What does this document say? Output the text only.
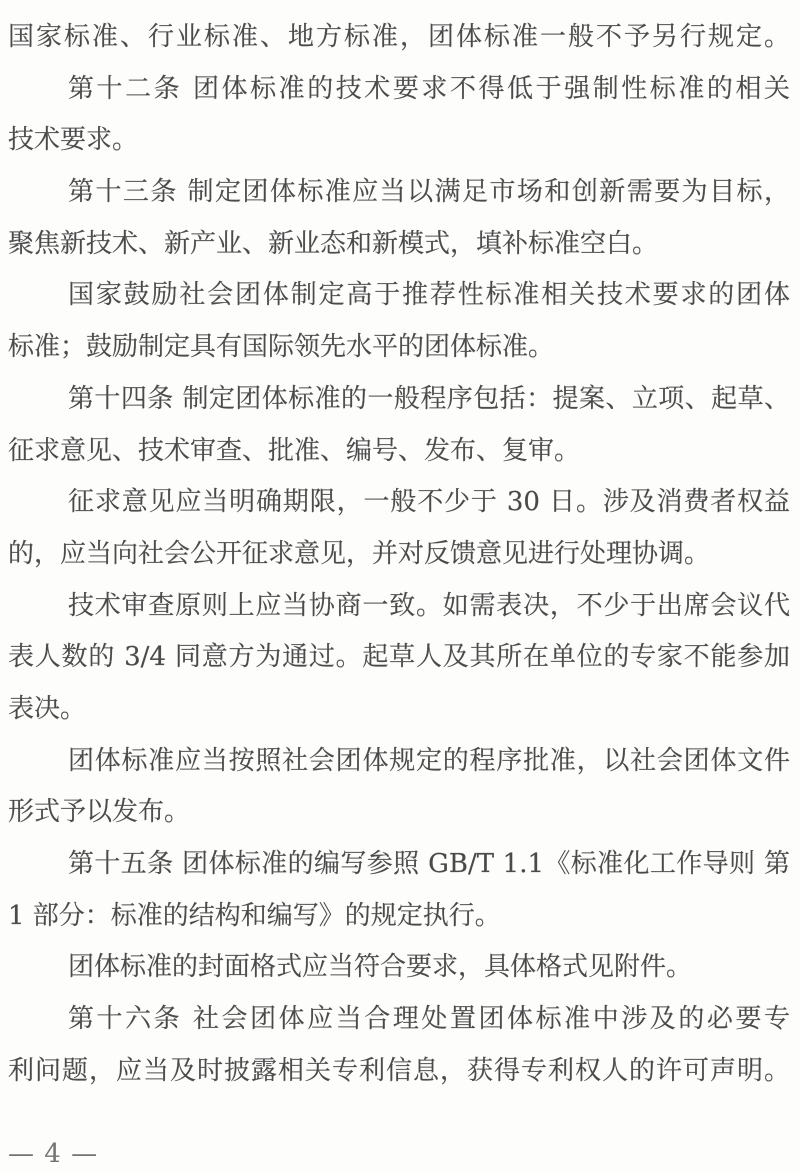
国家标准、行业标准、地方标准，团体标准一般不予另行规定。
第十二条 团体标准的技术要求不得低于强制性标准的相关
技术要求。
第十三条 制定团体标准应当以满足市场和创新需要为目标，
聚焦新技术、新产业、新业态和新模式，填补标准空白。
国家鼓励社会团体制定高于推荐性标准相关技术要求的团体
标准；鼓励制定具有国际领先水平的团体标准。
第十四条 制定团体标准的一般程序包括：提案、立项、起草、
征求意见、技术审查、批准、编号、发布、复审。
征求意见应当明确期限，一般不少于 30 日。涉及消费者权益
的，应当向社会公开征求意见，并对反馈意见进行处理协调。
技术审查原则上应当协商一致。如需表决，不少于出席会议代
表人数的 3/4 同意方为通过。起草人及其所在单位的专家不能参加
表决。
团体标准应当按照社会团体规定的程序批准，以社会团体文件
形式予以发布。
第十五条 团体标准的编写参照 GB/T 1.1《标准化工作导则 第
1 部分：标准的结构和编写》的规定执行。
团体标准的封面格式应当符合要求，具体格式见附件。
第十六条 社会团体应当合理处置团体标准中涉及的必要专
利问题，应当及时披露相关专利信息，获得专利权人的许可声明。
— 4 —
